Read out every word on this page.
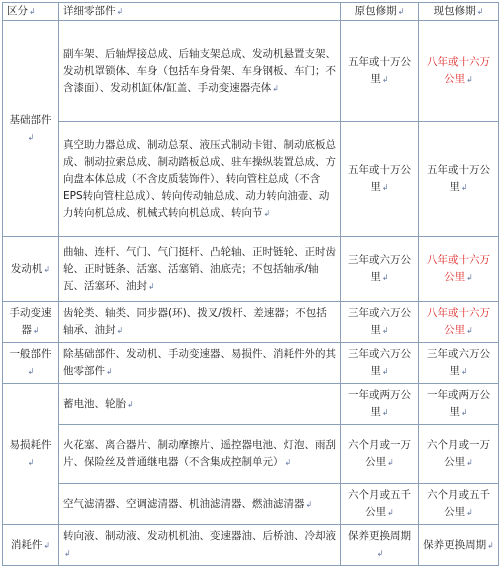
区分↲	详细零部件↲	原包修期↲	现包修期↲
基础部件↲	副车架、后轴焊接总成、后轴支架总成、发动机悬置支架、发动机罩锁体、车身（包括车身骨架、车身钢板、车门；不含漆面）、发动机缸体/缸盖、手动变速器壳体↲	五年或十万公里↲	八年或十六万公里↲
	真空助力器总成、制动总泵、液压式制动卡钳、制动底板总成、制动拉索总成、制动踏板总成、驻车操纵装置总成、方向盘本体总成（不含皮质装饰件）、转向管柱总成（不含EPS转向管柱总成）、转向传动轴总成、动力转向油壶、动力转向机总成、机械式转向机总成、转向节↲	五年或十万公里↲	五年或十万公里↲
发动机↲	曲轴、连杆、气门、气门挺杆、凸轮轴、正时链轮、正时齿轮、正时链条、活塞、活塞销、油底壳；不包括轴承/轴瓦、活塞环、油封↲	三年或六万公里↲	八年或十六万公里↲
手动变速器↲	齿轮类、轴类、同步器(环)、拨叉/拨杆、差速器；不包括轴承、油封↲	三年或六万公里↲	八年或十六万公里↲
一般部件↲	除基础部件、发动机、手动变速器、易损件、消耗件外的其他零部件↲	三年或六万公里↲	三年或六万公里↲
易损耗件↲	蓄电池、轮胎↲	一年或两万公里↲	一年或两万公里↲
	火花塞、离合器片、制动摩擦片、遥控器电池、灯泡、雨刮片、保险丝及普通继电器（不含集成控制单元）↲	六个月或一万公里↲	六个月或一万公里↲
	空气滤清器、空调滤清器、机油滤清器、燃油滤清器↲	六个月或五千公里↲	六个月或五千公里↲
消耗件↲	转向液、制动液、发动机机油、变速器油、后桥油、冷却液↲	保养更换周期↲	保养更换周期↲
